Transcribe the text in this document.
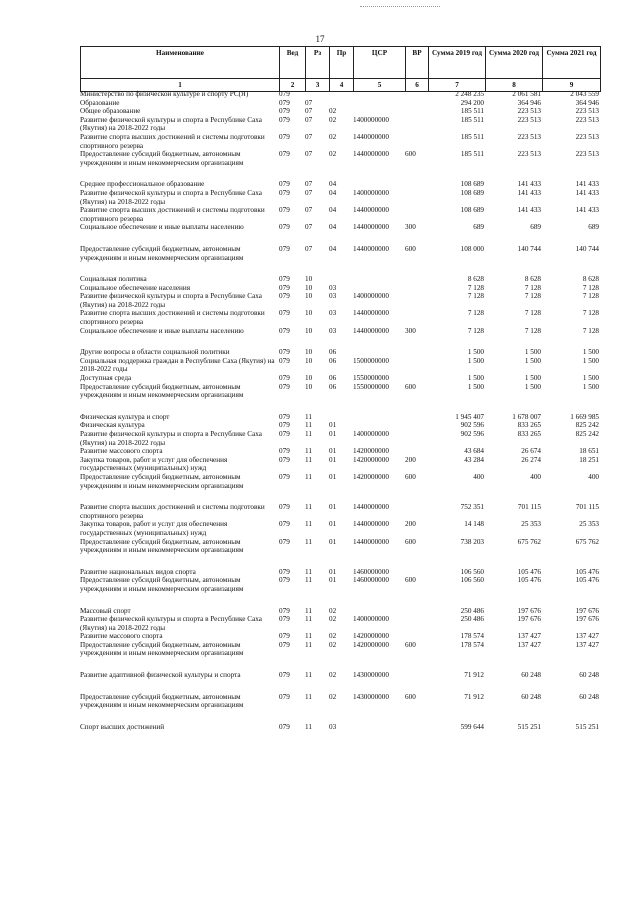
17
Наименование	Вед	Рз	Пр	ЦСР	ВР	Сумма 2019 год	Сумма 2020 год	Сумма 2021 год
1	2	3	4	5	6	7	8	9
Министерство по физической культуре и спорту РС(Я)	079					2 248 235	2 061 581	2 043 559
Образование	079	07				294 200	364 946	364 946
Общее образование	079	07	02			185 511	223 513	223 513
Развитие физической культуры и спорта в Республике Саха (Якутия) на 2018-2022 годы	079	07	02	1400000000		185 511	223 513	223 513
Развитие спорта высших достижений и системы подготовки спортивного резерва	079	07	02	1440000000		185 511	223 513	223 513
Предоставление субсидий бюджетным, автономным учреждениям и иным некоммерческим организациям	079	07	02	1440000000	600	185 511	223 513	223 513

Среднее профессиональное образование	079	07	04			108 689	141 433	141 433
Развитие физической культуры и спорта в Республике Саха (Якутия) на 2018-2022 годы	079	07	04	1400000000		108 689	141 433	141 433
Развитие спорта высших достижений и системы подготовки спортивного резерва	079	07	04	1440000000		108 689	141 433	141 433
Социальное обеспечение и иные выплаты населению	079	07	04	1440000000	300	689	689	689

Предоставление субсидий бюджетным, автономным учреждениям и иным некоммерческим организациям	079	07	04	1440000000	600	108 000	140 744	140 744

Социальная политика	079	10				8 628	8 628	8 628
Социальное обеспечение населения	079	10	03			7 128	7 128	7 128
Развитие физической культуры и спорта в Республике Саха (Якутия) на 2018-2022 годы	079	10	03	1400000000		7 128	7 128	7 128
Развитие спорта высших достижений и системы подготовки спортивного резерва	079	10	03	1440000000		7 128	7 128	7 128
Социальное обеспечение и иные выплаты населению	079	10	03	1440000000	300	7 128	7 128	7 128

Другие вопросы в области социальной политики	079	10	06			1 500	1 500	1 500
Социальная поддержка граждан в Республике Саха (Якутия) на 2018-2022 годы	079	10	06	1500000000		1 500	1 500	1 500
Доступная среда	079	10	06	1550000000		1 500	1 500	1 500
Предоставление субсидий бюджетным, автономным учреждениям и иным некоммерческим организациям	079	10	06	1550000000	600	1 500	1 500	1 500

Физическая культура и спорт	079	11				1 945 407	1 678 007	1 669 985
Физическая культура	079	11	01			902 596	833 265	825 242
Развитие физической культуры и спорта в Республике Саха (Якутия) на 2018-2022 годы	079	11	01	1400000000		902 596	833 265	825 242
Развитие массового спорта	079	11	01	1420000000		43 684	26 674	18 651
Закупка товаров, работ и услуг для обеспечения государственных (муниципальных) нужд	079	11	01	1420000000	200	43 284	26 274	18 251
Предоставление субсидий бюджетным, автономным учреждениям и иным некоммерческим организациям	079	11	01	1420000000	600	400	400	400

Развитие спорта высших достижений и системы подготовки спортивного резерва	079	11	01	1440000000		752 351	701 115	701 115
Закупка товаров, работ и услуг для обеспечения государственных (муниципальных) нужд	079	11	01	1440000000	200	14 148	25 353	25 353
Предоставление субсидий бюджетным, автономным учреждениям и иным некоммерческим организациям	079	11	01	1440000000	600	738 203	675 762	675 762

Развитие национальных видов спорта	079	11	01	1460000000		106 560	105 476	105 476
Предоставление субсидий бюджетным, автономным учреждениям и иным некоммерческим организациям	079	11	01	1460000000	600	106 560	105 476	105 476

Массовый спорт	079	11	02			250 486	197 676	197 676
Развитие физической культуры и спорта в Республике Саха (Якутия) на 2018-2022 годы	079	11	02	1400000000		250 486	197 676	197 676
Развитие массового спорта	079	11	02	1420000000		178 574	137 427	137 427
Предоставление субсидий бюджетным, автономным учреждениям и иным некоммерческим организациям	079	11	02	1420000000	600	178 574	137 427	137 427

Развитие адаптивной физической культуры и спорта	079	11	02	1430000000		71 912	60 248	60 248

Предоставление субсидий бюджетным, автономным учреждениям и иным некоммерческим организациям	079	11	02	1430000000	600	71 912	60 248	60 248

Спорт высших достижений	079	11	03			599 644	515 251	515 251
